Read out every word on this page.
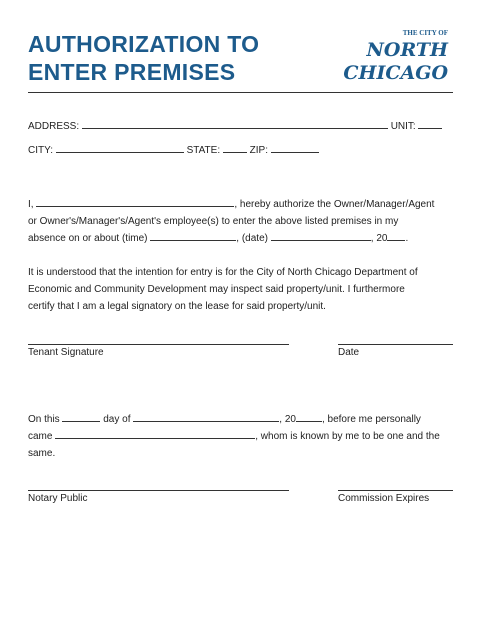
AUTHORIZATION TO
ENTER PREMISES
THE CITY OF
NORTH
CHICAGO
ADDRESS:	UNIT:
CITY:	STATE:	ZIP:
I,	, hereby authorize the Owner/Manager/Agent
or Owner's/Manager's/Agent's employee(s) to enter the above listed premises in my
absence on or about (time)	, (date)	, 20 .
It is understood that the intention for entry is for the City of North Chicago Department of
Economic and Community Development may inspect said property/unit. I furthermore
certify that I am a legal signatory on the lease for said property/unit.
Tenant Signature	Date
On this	day of	, 20	, before me personally
came	, whom is known by me to be one and the
same.
Notary Public	Commission Expires
